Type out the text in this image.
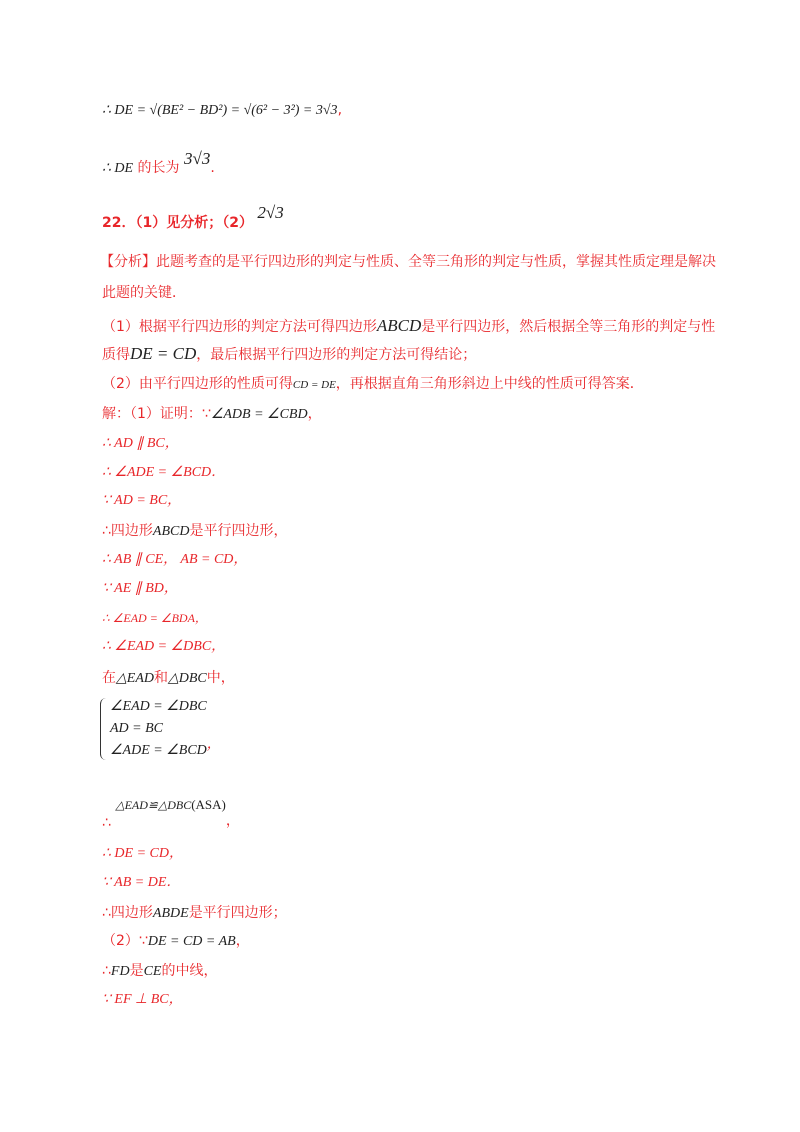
∴ DE = √(BE² − BD²) = √(6² − 3²) = 3√3,
∴ DE 的长为 3√3.
22．（1）见分析；（2） 2√3
【分析】此题考查的是平行四边形的判定与性质、全等三角形的判定与性质，掌握其性质定理是解决
此题的关键．
（1）根据平行四边形的判定方法可得四边形ABCD是平行四边形，然后根据全等三角形的判定与性
质得DE = CD，最后根据平行四边形的判定方法可得结论；
（2）由平行四边形的性质可得CD = DE，再根据直角三角形斜边上中线的性质可得答案．
解：（1）证明：∵∠ADB = ∠CBD，
∴ AD ∥ BC，
∴ ∠ADE = ∠BCD．
∵ AD = BC，
∴四边形ABCD是平行四边形，
∴ AB ∥ CE， AB = CD，
∵ AE ∥ BD，
∴ ∠EAD = ∠BDA，
∴ ∠EAD = ∠DBC，
在△EAD和△DBC中，
∠EAD = ∠DBC
AD = BC
∠ADE = ∠BCD，
∴ △EAD≌△DBC(ASA)，
∴ DE = CD，
∵ AB = DE．
∴四边形ABDE是平行四边形；
（2）∵DE = CD = AB，
∴FD是CE的中线，
∵ EF ⊥ BC，
